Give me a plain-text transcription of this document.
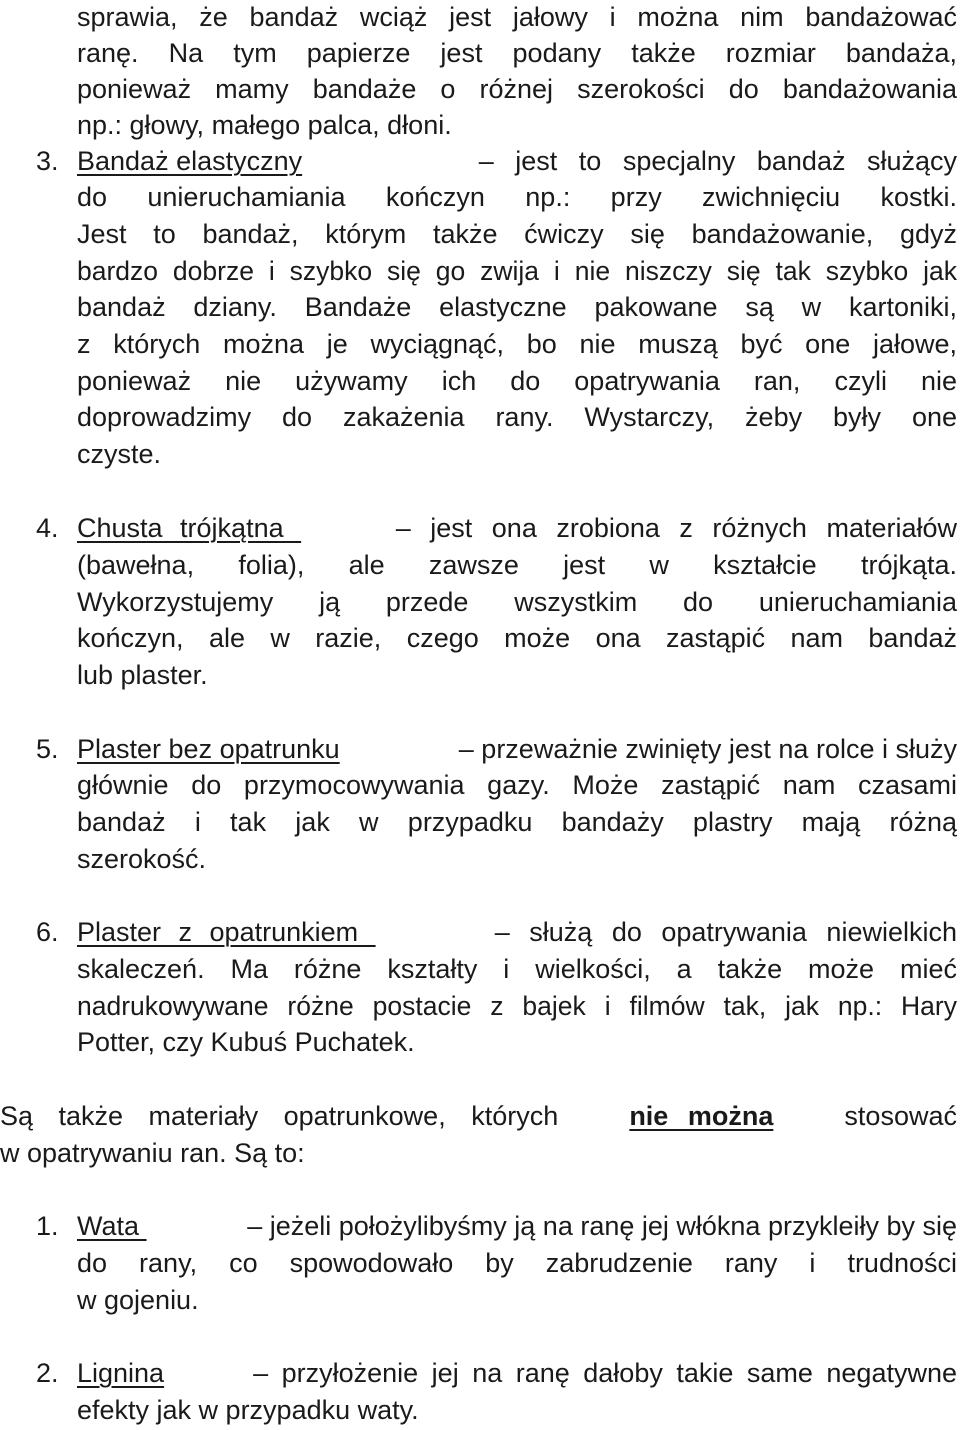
sprawia, że bandaż wciąż jest jałowy i można nim bandażować
ranę. Na tym papierze jest podany także rozmiar bandaża,
ponieważ mamy bandaże o różnej szerokości do bandażowania
np.: głowy, małego palca, dłoni.
3. Bandaż elastyczny	– jest to specjalny bandaż służący
do unieruchamiania kończyn np.: przy zwichnięciu kostki.
Jest to bandaż, którym także ćwiczy się bandażowanie, gdyż
bardzo dobrze i szybko się go zwija i nie niszczy się tak szybko jak
bandaż dziany. Bandaże elastyczne pakowane są w kartoniki,
z których można je wyciągnąć, bo nie muszą być one jałowe,
ponieważ nie używamy ich do opatrywania ran, czyli nie
doprowadzimy do zakażenia rany. Wystarczy, żeby były one
czyste.
4. Chusta trójkątna	– jest ona zrobiona z różnych materiałów
(bawełna, folia), ale zawsze jest w kształcie trójkąta.
Wykorzystujemy ją przede wszystkim do unieruchamiania
kończyn, ale w razie, czego może ona zastąpić nam bandaż
lub plaster.
5. Plaster bez opatrunku	– przeważnie zwinięty jest na rolce i służy
głównie do przymocowywania gazy. Może zastąpić nam czasami
bandaż i tak jak w przypadku bandaży plastry mają różną
szerokość.
6. Plaster z opatrunkiem	– służą do opatrywania niewielkich
skaleczeń. Ma różne kształty i wielkości, a także może mieć
nadrukowywane różne postacie z bajek i filmów tak, jak np.: Hary
Potter, czy Kubuś Puchatek.
Są także materiały opatrunkowe, których	nie można	stosować
w opatrywaniu ran. Są to:
1. Wata	– jeżeli położylibyśmy ją na ranę jej włókna przykleiły by się
do rany, co spowodowało by zabrudzenie rany i trudności
w gojeniu.
2. Lignina	– przyłożenie jej na ranę dałoby takie same negatywne
efekty jak w przypadku waty.
